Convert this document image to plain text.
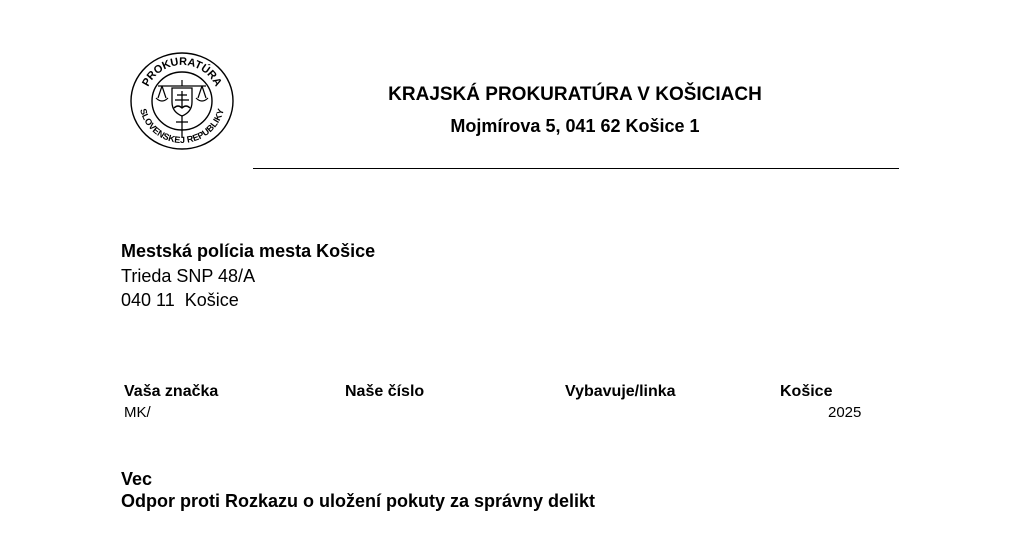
PROKURATÚRA
SLOVENSKEJ REPUBLIKY
KRAJSKÁ PROKURATÚRA V KOŠICIACH
Mojmírova 5, 041 62 Košice 1
Mestská polícia mesta Košice
Trieda SNP 48/A
040 11  Košice
Vaša značka
MK/
Naše číslo	Vybavuje/linka	Košice
2025
Vec
Odpor proti Rozkazu o uložení pokuty za správny delikt
